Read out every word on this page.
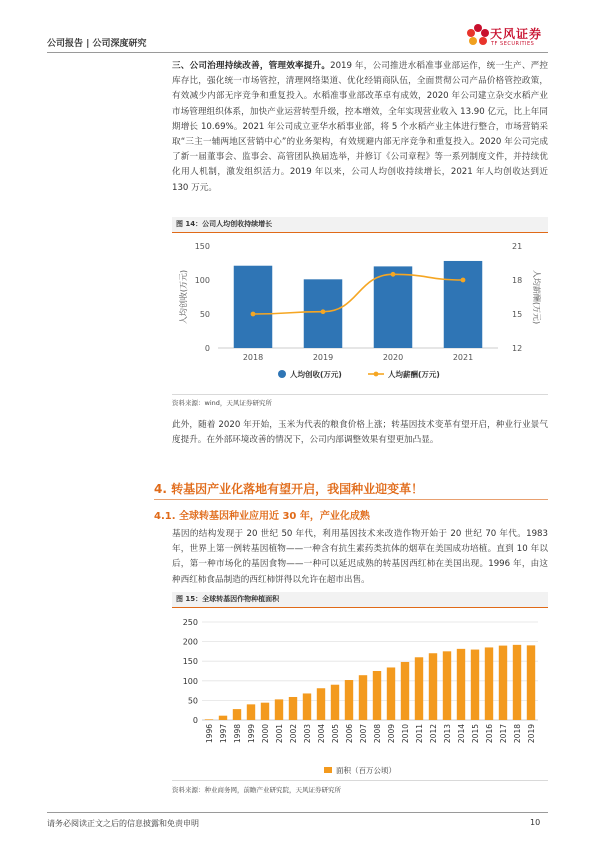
公司报告 | 公司深度研究
天风证券
TF SECURITIES

三、公司治理持续改善，管理效率提升。2019 年，公司推进水稻准事业部运作，统一生产、严控库存比，强化统一市场管控，清理网络渠道、优化经销商队伍，全面贯彻公司产品价格管控政策，有效减少内部无序竞争和重复投入。水稻准事业部改革卓有成效，2020 年公司建立杂交水稻产业市场管理组织体系，加快产业运营转型升级，控本增效，全年实现营业收入 13.90 亿元，比上年同期增长 10.69%。2021 年公司成立亚华水稻事业部，将 5 个水稻产业主体进行整合，市场营销采取“三主一辅两地区营销中心”的业务架构，有效规避内部无序竞争和重复投入。2020 年公司完成了新一届董事会、监事会、高管团队换届选举，并修订《公司章程》等一系列制度文件，并持续优化用人机制，激发组织活力。2019 年以来，公司人均创收持续增长，2021 年人均创收达到近 130 万元。

图 14：公司人均创收持续增长
0
50
100
150
12
15
18
21
人均创收(万元)	人均薪酬(万元)
2018	2019	2020	2021
人均创收(万元)	人均薪酬(万元)
资料来源：wind，天风证券研究所

此外，随着 2020 年开始，玉米为代表的粮食价格上涨；转基因技术变革有望开启，种业行业景气度提升。在外部环境改善的情况下，公司内部调整效果有望更加凸显。

4. 转基因产业化落地有望开启，我国种业迎变革！
4.1. 全球转基因种业应用近 30 年，产业化成熟

基因的结构发现于 20 世纪 50 年代，利用基因技术来改造作物开始于 20 世纪 70 年代。1983 年，世界上第一例转基因植物——一种含有抗生素药类抗体的烟草在美国成功培植。直到 10 年以后，第一种市场化的基因食物——一种可以延迟成熟的转基因西红柿在美国出现。1996 年，由这种西红柿食品制造的西红柿饼得以允许在超市出售。

图 15：全球转基因作物种植面积
0
50
100
150
200
250
1996 1997 1998 1999 2000 2001 2002 2003 2004 2005 2006 2007 2008 2009 2010 2011 2012 2013 2014 2015 2016 2017 2018 2019
面积（百万公顷）
资料来源：种业商务网，前瞻产业研究院，天风证券研究所
请务必阅读正文之后的信息披露和免责申明	10
